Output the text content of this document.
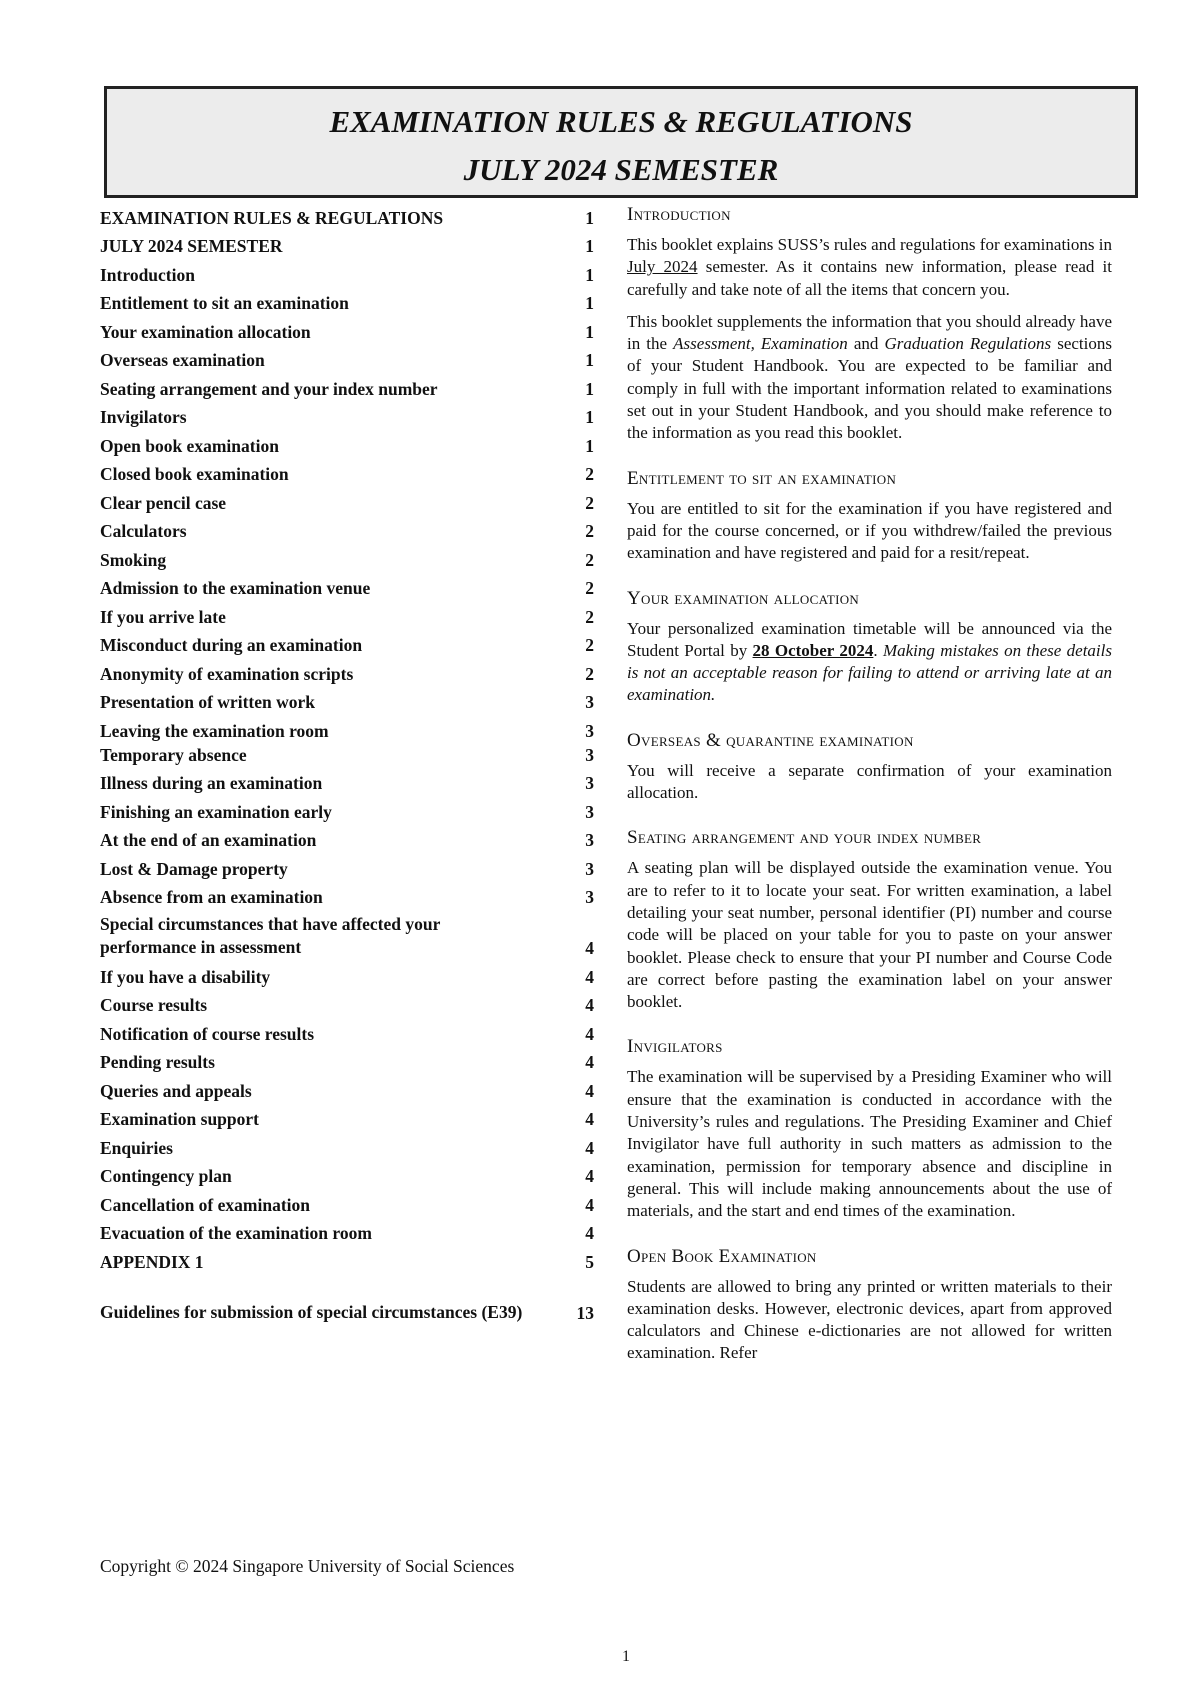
EXAMINATION RULES & REGULATIONS
JULY 2024 SEMESTER
EXAMINATION RULES & REGULATIONS	1
JULY 2024 SEMESTER	1
Introduction	1
Entitlement to sit an examination	1
Your examination allocation	1
Overseas examination	1
Seating arrangement and your index number	1
Invigilators	1
Open book examination	1
Closed book examination	2
Clear pencil case	2
Calculators	2
Smoking	2
Admission to the examination venue	2
If you arrive late	2
Misconduct during an examination	2
Anonymity of examination scripts	2
Presentation of written work	3
Leaving the examination room	3
Temporary absence	3
Illness during an examination	3
Finishing an examination early	3
At the end of an examination	3
Lost & Damage property	3
Absence from an examination	3
Special circumstances that have affected your performance in assessment	4
If you have a disability	4
Course results	4
Notification of course results	4
Pending results	4
Queries and appeals	4
Examination support	4
Enquiries	4
Contingency plan	4
Cancellation of examination	4
Evacuation of the examination room	4
APPENDIX 1	5
Guidelines for submission of special circumstances (E39)	13
Copyright © 2024 Singapore University of Social Sciences
Introduction

This booklet explains SUSS’s rules and regulations for examinations in July 2024 semester. As it contains new information, please read it carefully and take note of all the items that concern you.

This booklet supplements the information that you should already have in the Assessment, Examination and Graduation Regulations sections of your Student Handbook. You are expected to be familiar and comply in full with the important information related to examinations set out in your Student Handbook, and you should make reference to the information as you read this booklet.

Entitlement to sit an examination

You are entitled to sit for the examination if you have registered and paid for the course concerned, or if you withdrew/failed the previous examination and have registered and paid for a resit/repeat.

Your examination allocation

Your personalized examination timetable will be announced via the Student Portal by 28 October 2024. Making mistakes on these details is not an acceptable reason for failing to attend or arriving late at an examination.

Overseas & quarantine examination

You will receive a separate confirmation of your examination allocation.

Seating arrangement and your index number

A seating plan will be displayed outside the examination venue. You are to refer to it to locate your seat. For written examination, a label detailing your seat number, personal identifier (PI) number and course code will be placed on your table for you to paste on your answer booklet. Please check to ensure that your PI number and Course Code are correct before pasting the examination label on your answer booklet.

Invigilators

The examination will be supervised by a Presiding Examiner who will ensure that the examination is conducted in accordance with the University’s rules and regulations. The Presiding Examiner and Chief Invigilator have full authority in such matters as admission to the examination, permission for temporary absence and discipline in general. This will include making announcements about the use of materials, and the start and end times of the examination.

Open Book Examination

Students are allowed to bring any printed or written materials to their examination desks. However, electronic devices, apart from approved calculators and Chinese e-dictionaries are not allowed for written examination. Refer

1
